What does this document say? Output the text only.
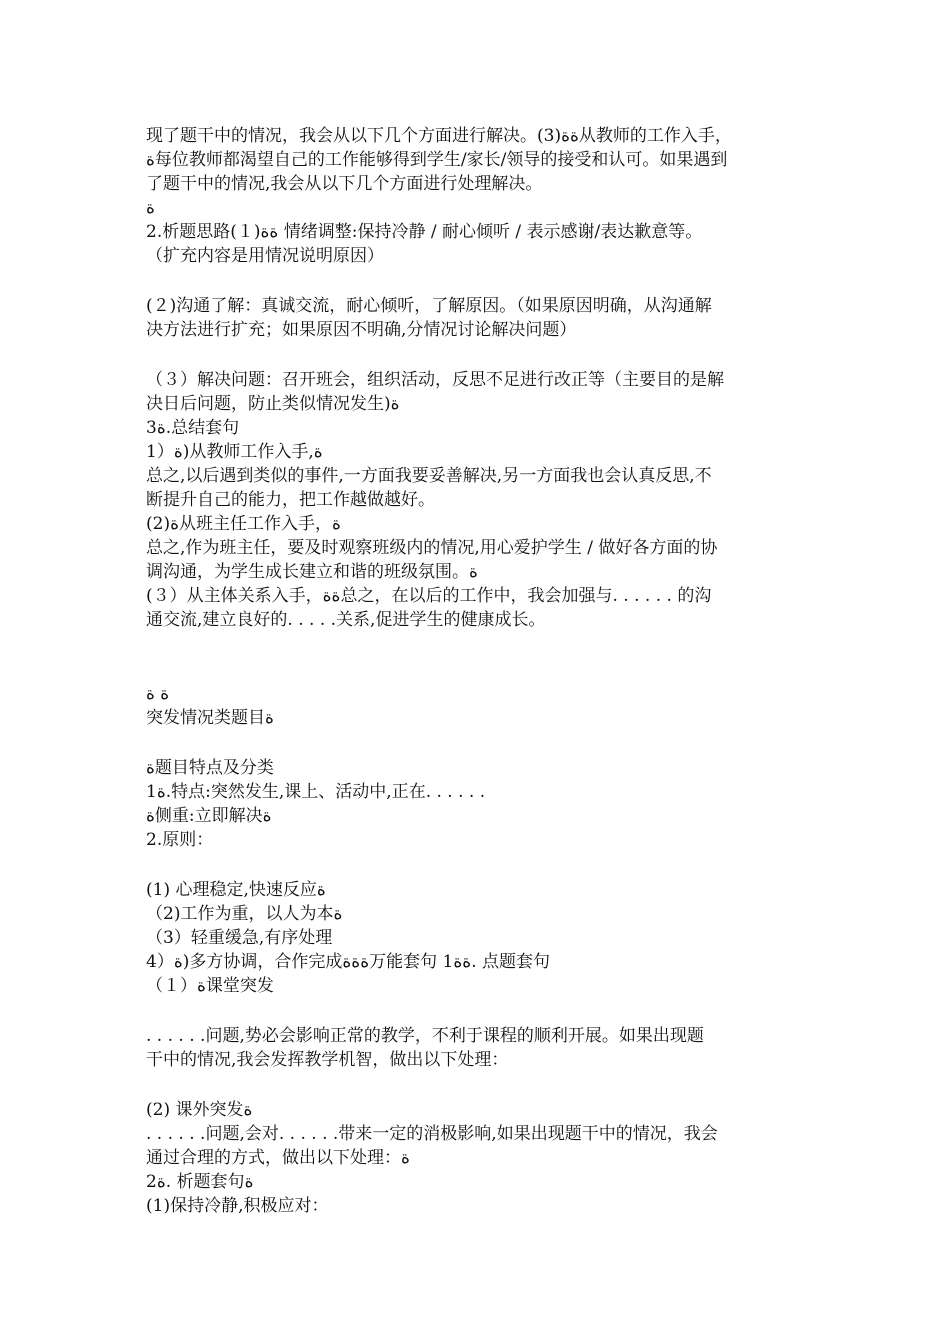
现了题干中的情况，我会从以下几个方面进行解决。(3)ةة从教师的工作入手，
ة每位教师都渴望自己的工作能够得到学生/家长/领导的接受和认可。如果遇到
了题干中的情况,我会从以下几个方面进行处理解决。
ة
2.析题思路ةة(１) 情绪调整:保持冷静 / 耐心倾听 / 表示感谢/表达歉意等。
（扩充内容是用情况说明原因）
(２)沟通了解：真诚交流，耐心倾听，了解原因。（如果原因明确，从沟通解
决方法进行扩充；如果原因不明确,分情况讨论解决问题）
（３）解决问题：召开班会，组织活动，反思不足进行改正等（主要目的是解
决日后问题，防止类似情况发生)ة
3ة.总结套句
1）ة)从教师工作入手,ة
总之,以后遇到类似的事件,一方面我要妥善解决,另一方面我也会认真反思,不
断提升自己的能力，把工作越做越好。
(2)ة从班主任工作入手，ة
总之,作为班主任，要及时观察班级内的情况,用心爱护学生 / 做好各方面的协
调沟通，为学生成长建立和谐的班级氛围。ة
(３）从主体关系入手，ةة总之，在以后的工作中，我会加强与. . . . . . 的沟
通交流,建立良好的. . . . .关系,促进学生的健康成长。
ة ة
突发情况类题目ة
ة题目特点及分类
1ة.特点:突然发生,课上、活动中,正在. . . . . .
ة侧重:立即解决ة
2.原则：
(1) 心理稳定,快速反应ة
（2)工作为重，以人为本ة
（3）轻重缓急,有序处理
4）ة)多方协调，合作完成ةةة万能套句 1ةة. 点题套句
（１）ة课堂突发
. . . . . .问题,势必会影响正常的教学，不利于课程的顺利开展。如果出现题
干中的情况,我会发挥教学机智，做出以下处理：
(2) 课外突发ة
. . . . . .问题,会对. . . . . .带来一定的消极影响,如果出现题干中的情况，我会
通过合理的方式，做出以下处理：ة
2ة. 析题套句ة
(1)保持冷静,积极应对：
